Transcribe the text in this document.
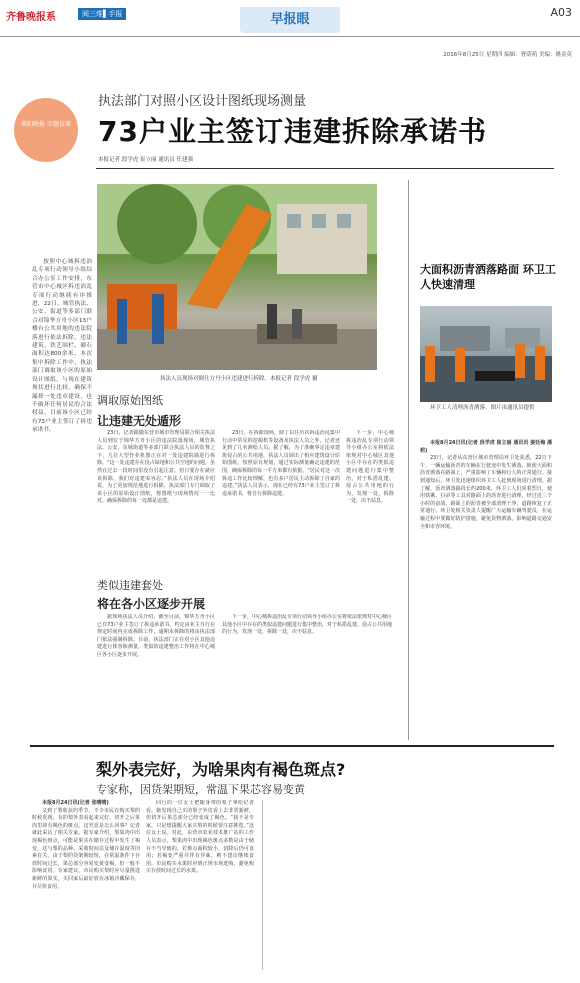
齐鲁晚报系	阅三维▌手报	早报眼	A03
2016年8月25日 星期四 编辑：曹荫萌 美编：姚金英
莱阳晚报 专题访谈
执法部门对照小区设计图纸现场测量
73户业主签订违建拆除承诺书
本报记者 段学虎 崔立丽 通讯员 任建强
执法人员现场对倒仕方丹小区违建进行拆除。本报记者 段学虎 摄

按照中心城拆违治乱专项行动领导小组综合办公室工作安排，东营市中心城区拆违治乱专项行动继续有序推进，22日，城管执法、公安、街道等多部门联合对锦华方舟小区13户楼台公共用地的违法院落进行依法拆除，违法建筑、铁艺围栏，砌石面积达800余米。本次集中拆除工作中，执法部门调取该小区的原始设计图纸，与现在建筑现状进行比较，确保不漏掉一处违章建设，也不破坏任何居民的合法权益，目前该小区已经有73户业主签订了拆违承诺书。

调取原始图纸
让违建无处遁形

23日，记者跟随东营市城市管理局联合相关执法人员到位于锦华方舟小区的违法院落现场，城管执法、公安、东城街道等多部门联合执法人员的监督之下，几位大型作业机器正在对一处违建院墙进行拆除。“这一处违建存在侵占绿地和公共空地的问题，虽然在过去一段时间里没有引起注意，但只要存在就应该拆除，我们对违建零容忍。”执法人员在现场介绍说，为了更加规范地进行拆除，执法部门专门调取了该小区的原始设计图纸，将图纸与现场情况一一比对，确保拆除的每一处都是违建。

23日，在拆除现场，除了以往历次拆违治乱集中行动中常见的挖掘机等设备及执法人员之外，记者还见到了几名测绘人员。据了解，为了准确界定违章建筑侵占的公共用地，执法人员调出了相应建筑设计原始图纸，按照原有规划，通过实际测量确定违建的范围，确保拆除的每一平方米都有依据。“居民对这一次拆违工作比较理解，也有多户居民主动拆除了自家的违建。”执法人员表示，现在已经有73户业主签订了拆违承诺书，将自行拆除违建。

下一步，中心城拆违治乱专项行动领导小组办公室将依法依规对中心城区其他小区中存在的类似违建问题进行集中整治，对于私搭乱建、侵占公共用地的行为，发现一处，拆除一处，决不姑息。

类似违建套处
将在各小区逐步开展

据现场执法人员介绍，截至目前，锦华方舟小区已有73户业主签订了拆违承诺书，约定由业主自行在规定时间内完成拆除工作，逾期未拆除的将由执法部门依法强制拆除。目前，执法部门正在对小区其他违建进行排查和测量，类似的违建整治工作将在中心城区各小区逐步开展。

下一步，中心城拆违治乱专项行动领导小组办公室将依法依规对中心城区其他小区中存在的类似违建问题进行集中整治，对于私搭乱建、侵占公共用地的行为，发现一处，拆除一处，决不姑息。

大面积沥青洒落路面 环卫工人快速清理
环卫工人清理沥青洒落。图片由通讯员提供

本报8月24日讯(记者 段学虎 崔立丽 通讯员 姜廷梅 潘莉)

23日，记者从东营区城市管理局环卫处获悉，22日下午，一辆运输沥青的车辆在行驶途中发生洒落，致使大面积沥青洒落在路面上，严重影响了车辆和行人的正常通行。接到通知后，环卫处迅速组织环卫工人赶到现场进行清理。据了解，沥青洒落路段长约200米，环卫工人们顶着烈日，使用铁锹、扫帚等工具对路面上的沥青进行清理，经过近三个小时的奋战，路面上的沥青被全部清理干净，道路恢复了正常通行。环卫处相关负责人提醒广大运输车辆驾驶员，在运输过程中要做好防护措施，避免货物洒落，影响道路交通安全和市容环境。

梨外表完好，为啥果肉有褐色斑点?
专家称，因货架期短，常温下果芯容易变黄

本报8月24日讯(记者 张晴晴)

又到了梨收获的季节，不少市民在购买梨的时候发现，有的梨外表看起来完好，切开之后果肉里却有褐色的斑点，这究竟是怎么回事？记者就此采访了相关专家。据专家介绍，梨果肉中出现褐色斑点，可能是果实在储存过程中发生了褐变，这与梨的品种、采收时间以及储存温度等因素有关。由于梨的货架期较短，在常温条件下存放时间过长，果芯部分容易变黄变褐，但一般不影响食用。专家建议，市民购买梨时应尽量挑选新鲜的果实，买回家后最好放在冰箱冷藏保存，并尽快食用。

同行的一位女士把随身带的梨子拿给记者看，她发现自己买的梨子外皮看上去非常新鲜，但切开后果芯部分已经变成了褐色。“我不是专家，只是想提醒大家买梨的时候要注意挑选。”这位女士说。对此，东营市农业技术推广站的工作人员表示，梨果肉中出现褐色斑点多数是由于储存不当导致的，若斑点面积较小，切除后仍可食用；若褐变严重并伴有异味，则不建议继续食用。市民购买水果时应到正规市场选购，避免购买存放时间过长的水果。
